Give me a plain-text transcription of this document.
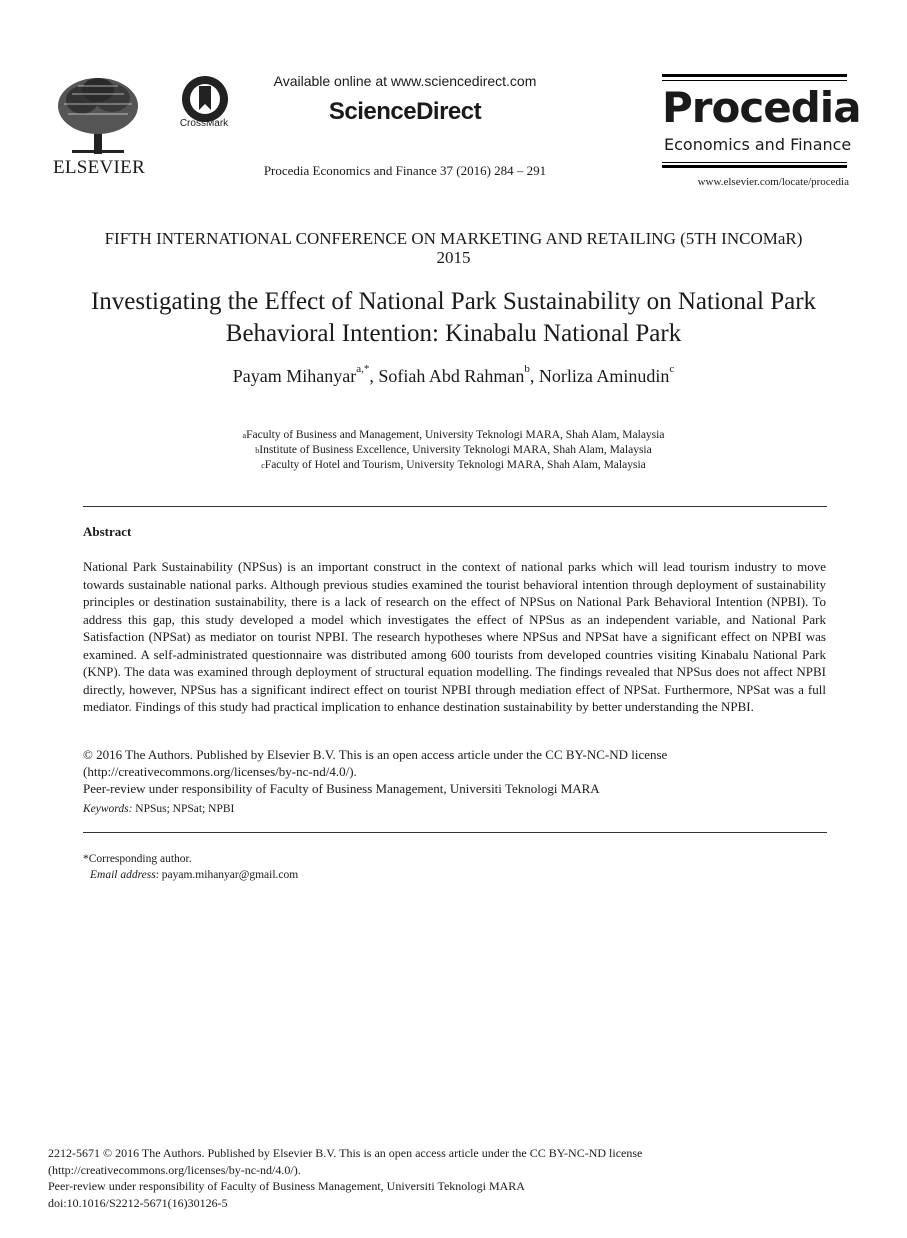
ELSEVIER
CrossMark
Available online at www.sciencedirect.com
ScienceDirect
Procedia Economics and Finance 37 (2016) 284 – 291
Procedia
Economics and Finance
www.elsevier.com/locate/procedia
FIFTH INTERNATIONAL CONFERENCE ON MARKETING AND RETAILING (5TH INCOMaR) 2015
Investigating the Effect of National Park Sustainability on National Park Behavioral Intention: Kinabalu National Park
Payam Mihanyar$^{a,*}$, Sofiah Abd Rahman$^b$, Norliza Aminudin$^c$
$^a$Faculty of Business and Management, University Teknologi MARA, Shah Alam, Malaysia
$^b$Institute of Business Excellence, University Teknologi MARA, Shah Alam, Malaysia
$^c$Faculty of Hotel and Tourism, University Teknologi MARA, Shah Alam, Malaysia
Abstract
National Park Sustainability (NPSus) is an important construct in the context of national parks which will lead tourism industry to move towards sustainable national parks. Although previous studies examined the tourist behavioral intention through deployment of sustainability principles or destination sustainability, there is a lack of research on the effect of NPSus on National Park Behavioral Intention (NPBI). To address this gap, this study developed a model which investigates the effect of NPSus as an independent variable, and National Park Satisfaction (NPSat) as mediator on tourist NPBI. The research hypotheses where NPSus and NPSat have a significant effect on NPBI was examined. A self-administrated questionnaire was distributed among 600 tourists from developed countries visiting Kinabalu National Park (KNP). The data was examined through deployment of structural equation modelling. The findings revealed that NPSus does not affect NPBI directly, however, NPSus has a significant indirect effect on tourist NPBI through mediation effect of NPSat. Furthermore, NPSat was a full mediator. Findings of this study had practical implication to enhance destination sustainability by better understanding the NPBI.
© 2016 The Authors. Published by Elsevier B.V. This is an open access article under the CC BY-NC-ND license
(http://creativecommons.org/licenses/by-nc-nd/4.0/).
Peer-review under responsibility of Faculty of Business Management, Universiti Teknologi MARA
Keywords: NPSus; NPSat; NPBI
*Corresponding author.
Email address: payam.mihanyar@gmail.com
2212-5671 © 2016 The Authors. Published by Elsevier B.V. This is an open access article under the CC BY-NC-ND license
(http://creativecommons.org/licenses/by-nc-nd/4.0/).
Peer-review under responsibility of Faculty of Business Management, Universiti Teknologi MARA
doi:10.1016/S2212-5671(16)30126-5
